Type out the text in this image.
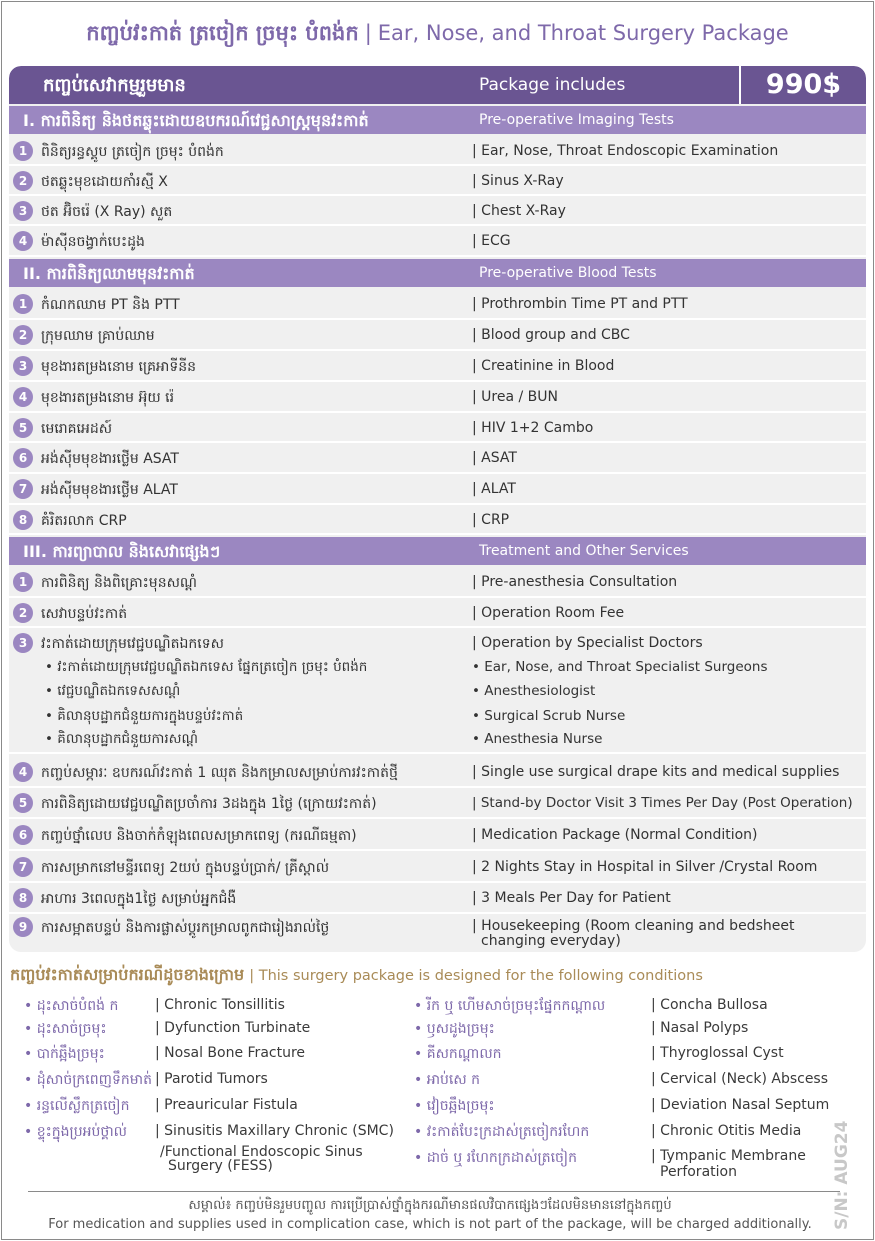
កញ្ចប់វះកាត់ ត្រចៀក ច្រមុះ បំពង់ក | Ear, Nose, and Throat Surgery Package
កញ្ចប់សេវាកម្មរួមមាន	Package includes	990$
I. ការពិនិត្យ និងថតឆ្លុះដោយឧបករណ៍វេជ្ជសាស្ត្រមុនវះកាត់	Pre-operative Imaging Tests
1 ពិនិត្យរន្ធស្គូប ត្រចៀក ច្រមុះ បំពង់ក	| Ear, Nose, Throat Endoscopic Examination
2 ថតឆ្លុះមុខដោយកាំរស្មី X	| Sinus X-Ray
3 ថត អ៊ិចរ៉េ (X Ray) សួត	| Chest X-Ray
4 ម៉ាស៊ីនចង្វាក់បេះដូង	| ECG
II. ការពិនិត្យឈាមមុនវះកាត់	Pre-operative Blood Tests
1 កំណកឈាម PT និង PTT	| Prothrombin Time PT and PTT
2 ក្រុមឈាម គ្រាប់ឈាម	| Blood group and CBC
3 មុខងារតម្រងនោម គ្រេអាទីនីន	| Creatinine in Blood
4 មុខងារតម្រងនោម អ៊ុយ រ៉េ	| Urea / BUN
5 មេរោគអេដស៍	| HIV 1+2 Cambo
6 អង់ស៊ីមមុខងារថ្លើម ASAT	| ASAT
7 អង់ស៊ីមមុខងារថ្លើម ALAT	| ALAT
8 គំរិតរលាក CRP	| CRP
III. ការព្យាបាល និងសេវាផ្សេងៗ	Treatment and Other Services
1 ការពិនិត្យ និងពិគ្រោះមុនសណ្តំ	| Pre-anesthesia Consultation
2 សេវាបន្ទប់វះកាត់	| Operation Room Fee
3 វះកាត់ដោយក្រុមវេជ្ជបណ្ឌិតឯកទេស	| Operation by Specialist Doctors
• វះកាត់ដោយក្រុមវេជ្ជបណ្ឌិតឯកទេស ផ្នែកត្រចៀក ច្រមុះ បំពង់ក	• Ear, Nose, and Throat Specialist Surgeons
• វេជ្ជបណ្ឌិតឯកទេសសណ្តំ	• Anesthesiologist
• គិលានុបដ្ឋាកជំនួយការក្នុងបន្ទប់វះកាត់	• Surgical Scrub Nurse
• គិលានុបដ្ឋាកជំនួយការសណ្តំ	• Anesthesia Nurse
4 កញ្ចប់សម្ភារៈ ឧបករណ៍វះកាត់ 1 ឈុត និងកម្រាលសម្រាប់ការវះកាត់ថ្មី	| Single use surgical drape kits and medical supplies
5 ការពិនិត្យដោយវេជ្ជបណ្ឌិតប្រចាំការ 3ដងក្នុង 1ថ្ងៃ (ក្រោយវះកាត់)	| Stand-by Doctor Visit 3 Times Per Day (Post Operation)
6 កញ្ចប់ថ្នាំលេប និងចាក់កំឡុងពេលសម្រាកពេទ្យ (ករណីធម្មតា)	| Medication Package (Normal Condition)
7 ការសម្រាកនៅមន្ទីរពេទ្យ 2យប់ ក្នុងបន្ទប់ប្រាក់/ គ្រីស្តាល់	| 2 Nights Stay in Hospital in Silver /Crystal Room
8 អាហារ 3ពេលក្នុង1ថ្ងៃ សម្រាប់អ្នកជំងឺ	| 3 Meals Per Day for Patient
9 ការសម្អាតបន្ទប់ និងការផ្លាស់ប្តូរកម្រាលពូកជារៀងរាល់ថ្ងៃ	| Housekeeping (Room cleaning and bedsheet
changing everyday)
កញ្ចប់វះកាត់សម្រាប់ករណីដូចខាងក្រោម | This surgery package is designed for the following conditions
• ដុះសាច់បំពង់ ក	| Chronic Tonsillitis
• ដុះសាច់ច្រមុះ	| Dyfunction Turbinate
• បាក់ឆ្អឹងច្រមុះ	| Nosal Bone Fracture
• ដុំសាច់ក្រពេញទឹកមាត់ | Parotid Tumors
• រន្ធលើស្លឹកត្រចៀក | Preauricular Fistula
• ខ្ទុះក្នុងប្រអប់ថ្គាល់ | Sinusitis Maxillary Chronic (SMC)
/Functional Endoscopic Sinus
Surgery (FESS)
• រីក ឬ ហើមសាច់ច្រមុះផ្នែកកណ្តាល	| Concha Bullosa
• ឫសដូងច្រមុះ	| Nasal Polyps
• គីសកណ្តាលក	| Thyroglossal Cyst
• អាប់សេ ក	| Cervical (Neck) Abscess
• វៀចឆ្អឹងច្រមុះ	| Deviation Nasal Septum
• វះកាត់បែះក្រដាស់ត្រចៀករហែក	| Chronic Otitis Media
• ដាច់ ឬ រហែកក្រដាស់ត្រចៀក	| Tympanic Membrane
Perforation
សម្គាល់៖ កញ្ចប់មិនរួមបញ្ចូល ការប្រើប្រាស់ថ្នាំក្នុងករណីមានផលវិបាកផ្សេងៗដែលមិនមាននៅក្នុងកញ្ចប់
For medication and supplies used in complication case, which is not part of the package, will be charged additionally.	S/N: AUG24
